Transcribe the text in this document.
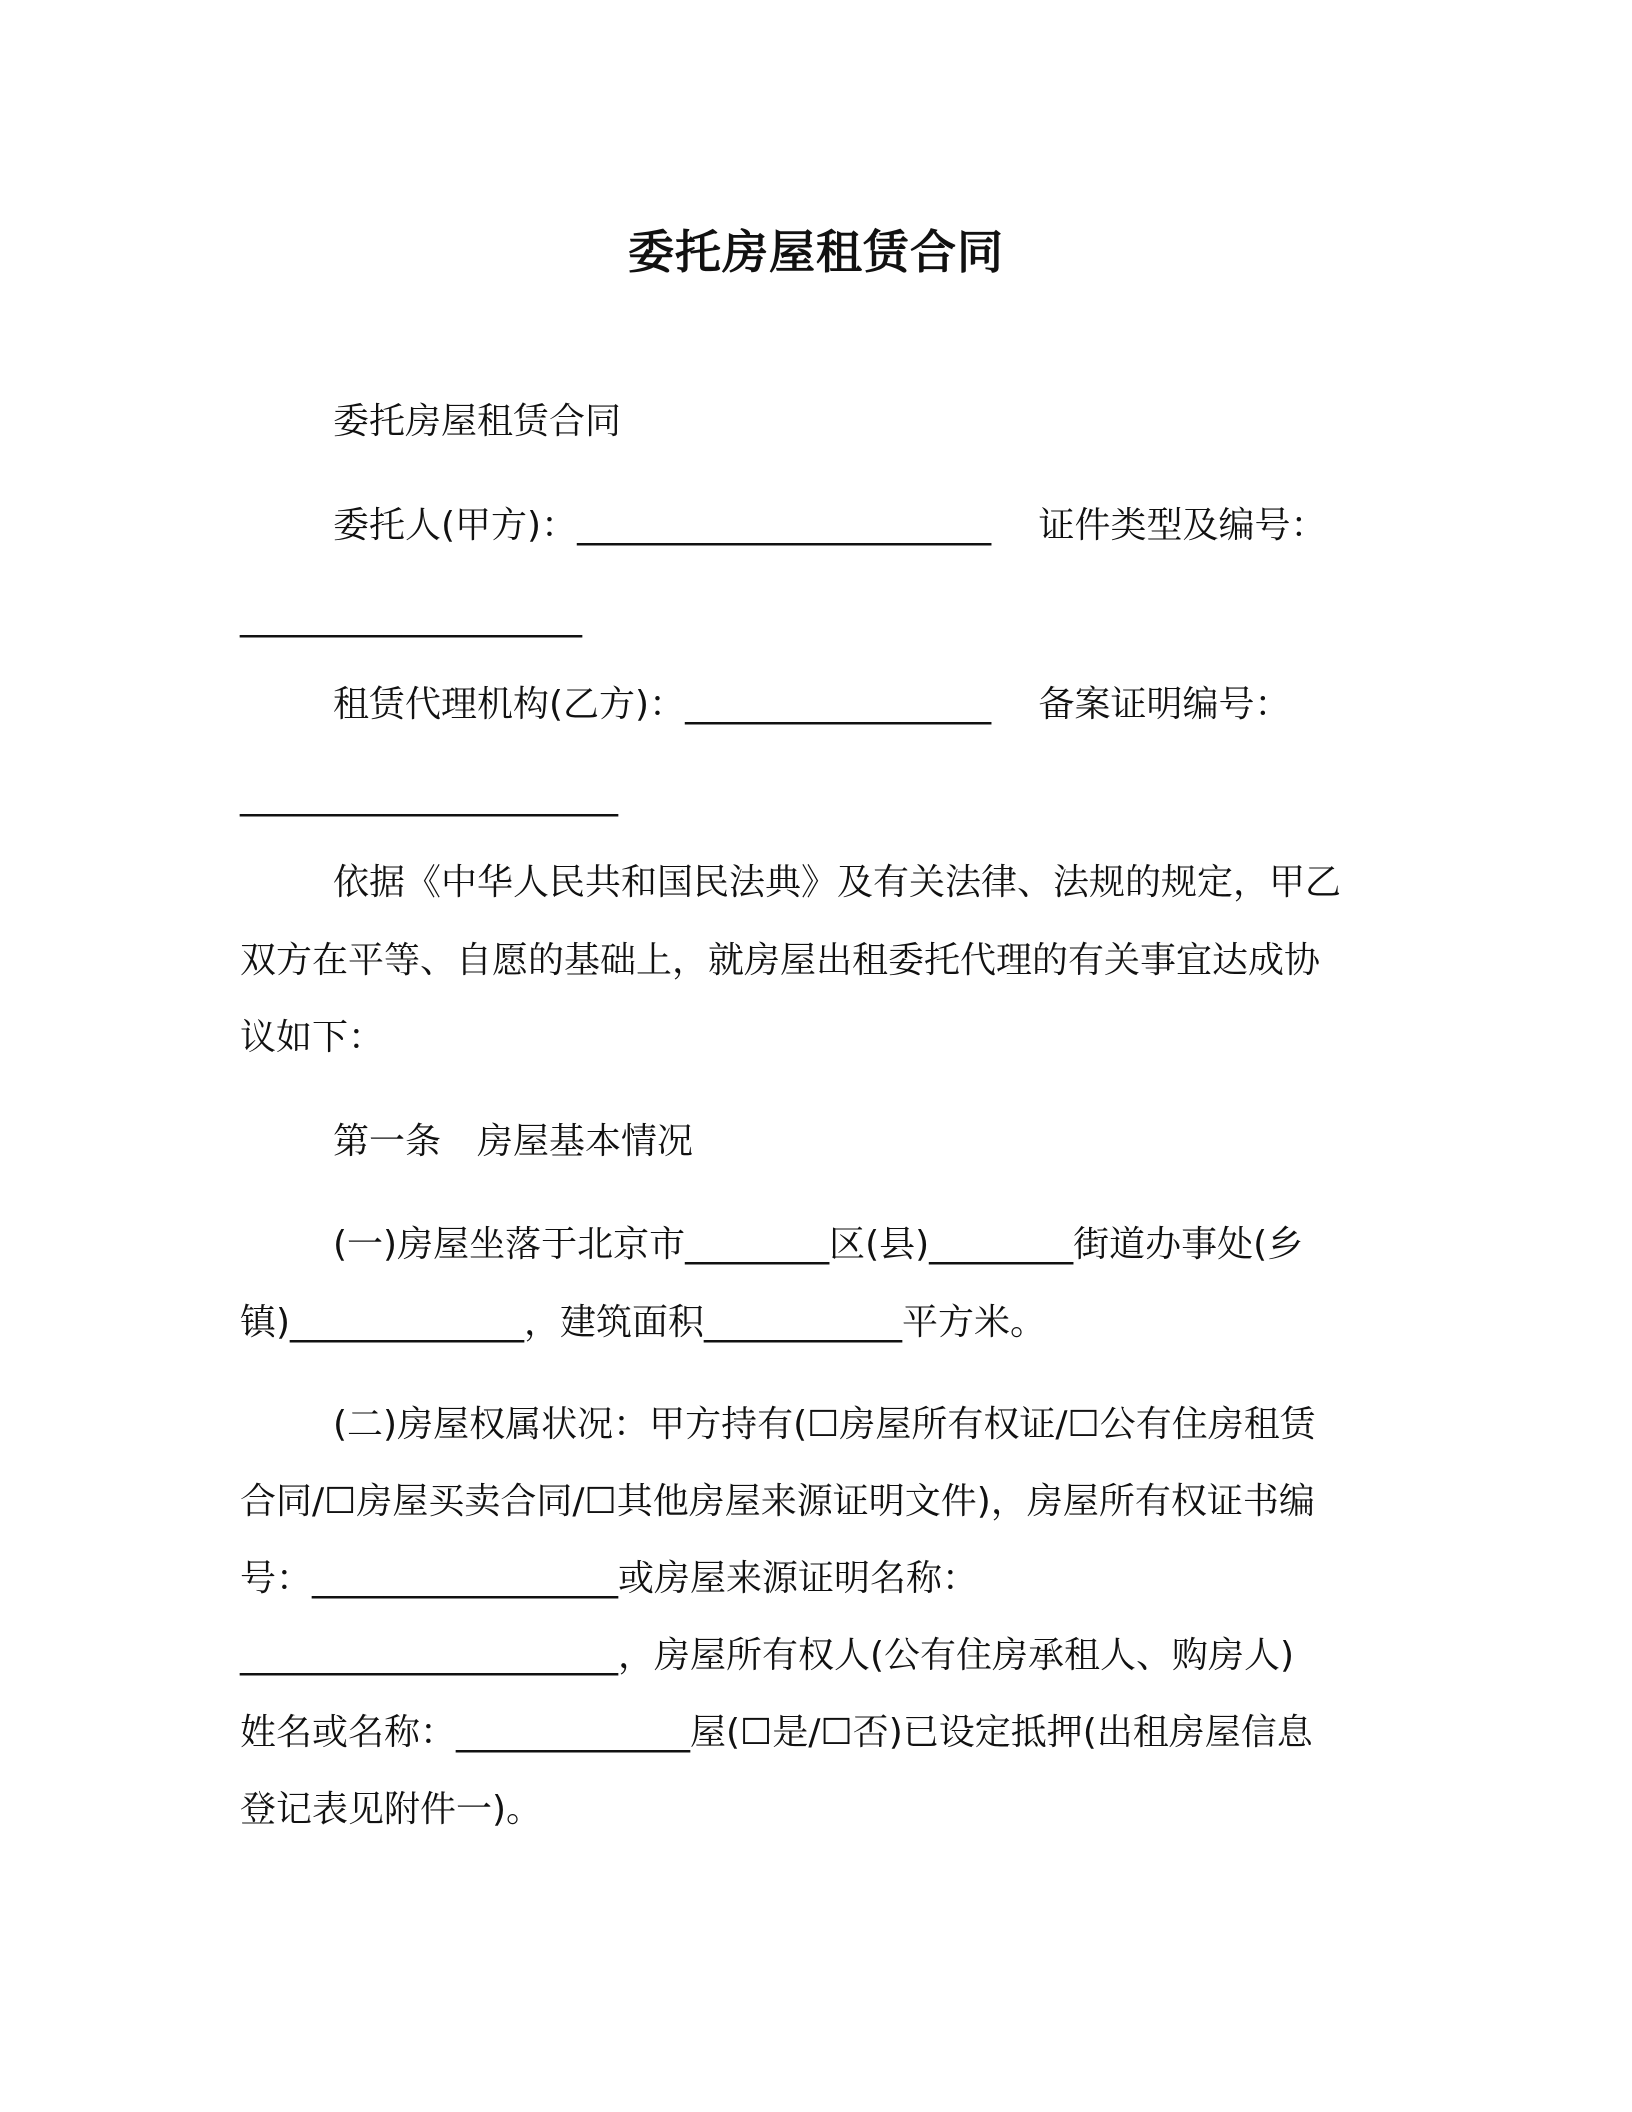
委托房屋租赁合同
委托房屋租赁合同
委托人(甲方)：_______________________ 　证件类型及编号：
___________________
租赁代理机构(乙方)：_________________ 　备案证明编号：
_____________________
依据《中华人民共和国民法典》及有关法律、法规的规定，甲乙
双方在平等、自愿的基础上，就房屋出租委托代理的有关事宜达成协
议如下：
第一条　房屋基本情况
(一)房屋坐落于北京市________区(县)________街道办事处(乡
镇)_____________，建筑面积___________平方米。
(二)房屋权属状况：甲方持有(☐房屋所有权证/☐公有住房租赁
合同/☐房屋买卖合同/☐其他房屋来源证明文件)，房屋所有权证书编
号：_________________或房屋来源证明名称：
_____________________，房屋所有权人(公有住房承租人、购房人)
姓名或名称：_____________屋(☐是/☐否)已设定抵押(出租房屋信息
登记表见附件一)。
